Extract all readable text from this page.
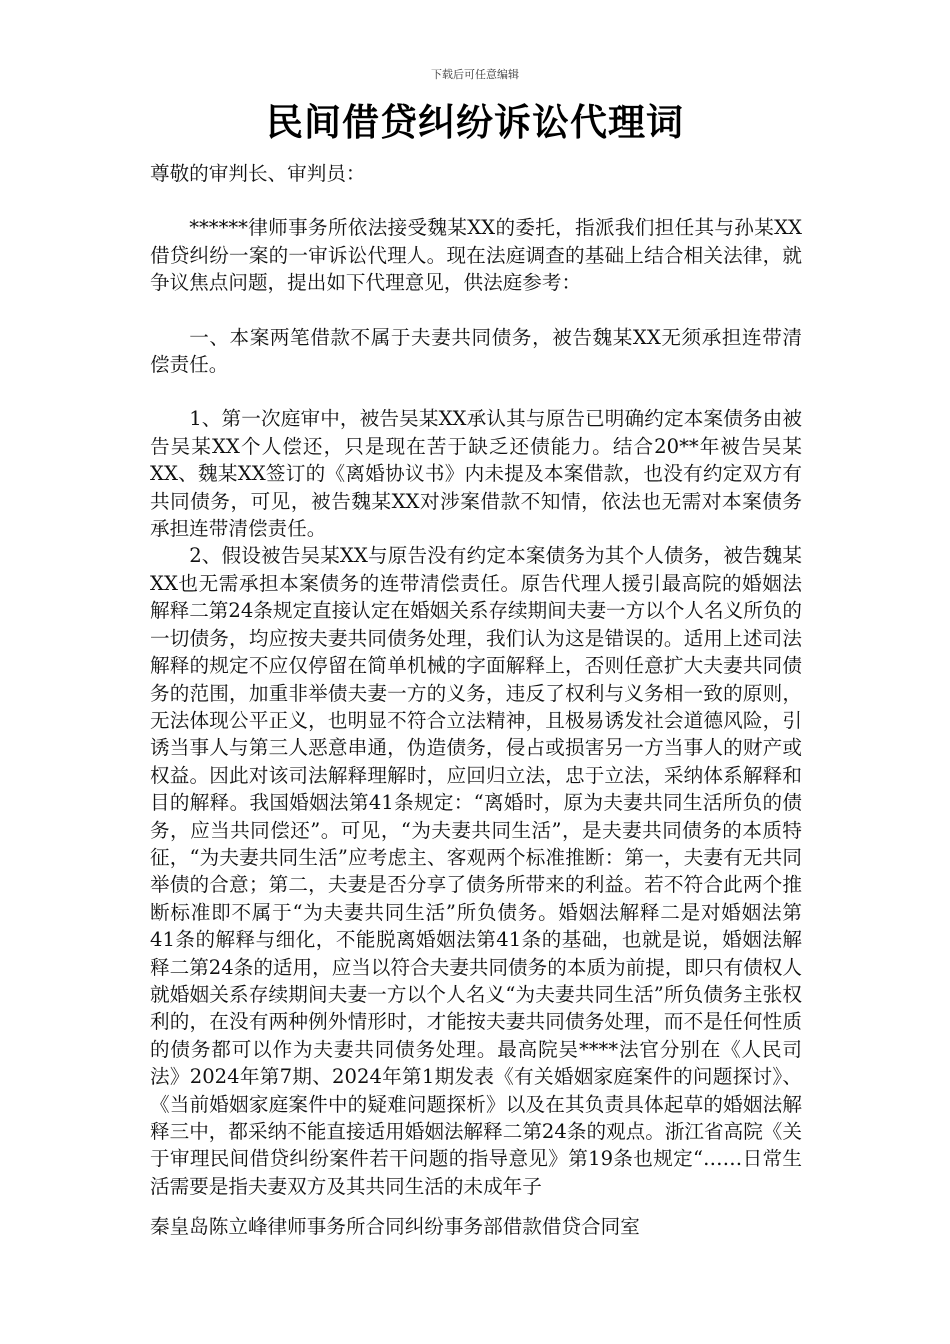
下载后可任意编辑
民间借贷纠纷诉讼代理词

尊敬的审判长、审判员：

******律师事务所依法接受魏某XX的委托，指派我们担任其与孙某XX借贷纠纷一案的一审诉讼代理人。现在法庭调查的基础上结合相关法律，就争议焦点问题，提出如下代理意见，供法庭参考：

一、本案两笔借款不属于夫妻共同债务，被告魏某XX无须承担连带清偿责任。

1、第一次庭审中，被告吴某XX承认其与原告已明确约定本案债务由被告吴某XX个人偿还，只是现在苦于缺乏还债能力。结合20**年被告吴某XX、魏某XX签订的《离婚协议书》内未提及本案借款，也没有约定双方有共同债务，可见，被告魏某XX对涉案借款不知情，依法也无需对本案债务承担连带清偿责任。

2、假设被告吴某XX与原告没有约定本案债务为其个人债务，被告魏某XX也无需承担本案债务的连带清偿责任。原告代理人援引最高院的婚姻法解释二第24条规定直接认定在婚姻关系存续期间夫妻一方以个人名义所负的一切债务，均应按夫妻共同债务处理，我们认为这是错误的。适用上述司法解释的规定不应仅停留在简单机械的字面解释上，否则任意扩大夫妻共同债务的范围，加重非举债夫妻一方的义务，违反了权利与义务相一致的原则，无法体现公平正义，也明显不符合立法精神，且极易诱发社会道德风险，引诱当事人与第三人恶意串通，伪造债务，侵占或损害另一方当事人的财产或权益。因此对该司法解释理解时，应回归立法，忠于立法，采纳体系解释和目的解释。我国婚姻法第41条规定：“离婚时，原为夫妻共同生活所负的债务，应当共同偿还”。可见，“为夫妻共同生活”，是夫妻共同债务的本质特征，“为夫妻共同生活”应考虑主、客观两个标准推断：第一，夫妻有无共同举债的合意；第二，夫妻是否分享了债务所带来的利益。若不符合此两个推断标准即不属于“为夫妻共同生活”所负债务。婚姻法解释二是对婚姻法第41条的解释与细化，不能脱离婚姻法第41条的基础，也就是说，婚姻法解释二第24条的适用，应当以符合夫妻共同债务的本质为前提，即只有债权人就婚姻关系存续期间夫妻一方以个人名义“为夫妻共同生活”所负债务主张权利的，在没有两种例外情形时，才能按夫妻共同债务处理，而不是任何性质的债务都可以作为夫妻共同债务处理。最高院吴****法官分别在《人民司法》2024年第7期、2024年第1期发表《有关婚姻家庭案件的问题探讨》、《当前婚姻家庭案件中的疑难问题探析》以及在其负责具体起草的婚姻法解释三中，都采纳不能直接适用婚姻法解释二第24条的观点。浙江省高院《关于审理民间借贷纠纷案件若干问题的指导意见》第19条也规定“……日常生活需要是指夫妻双方及其共同生活的未成年子

秦皇岛陈立峰律师事务所合同纠纷事务部借款借贷合同室
